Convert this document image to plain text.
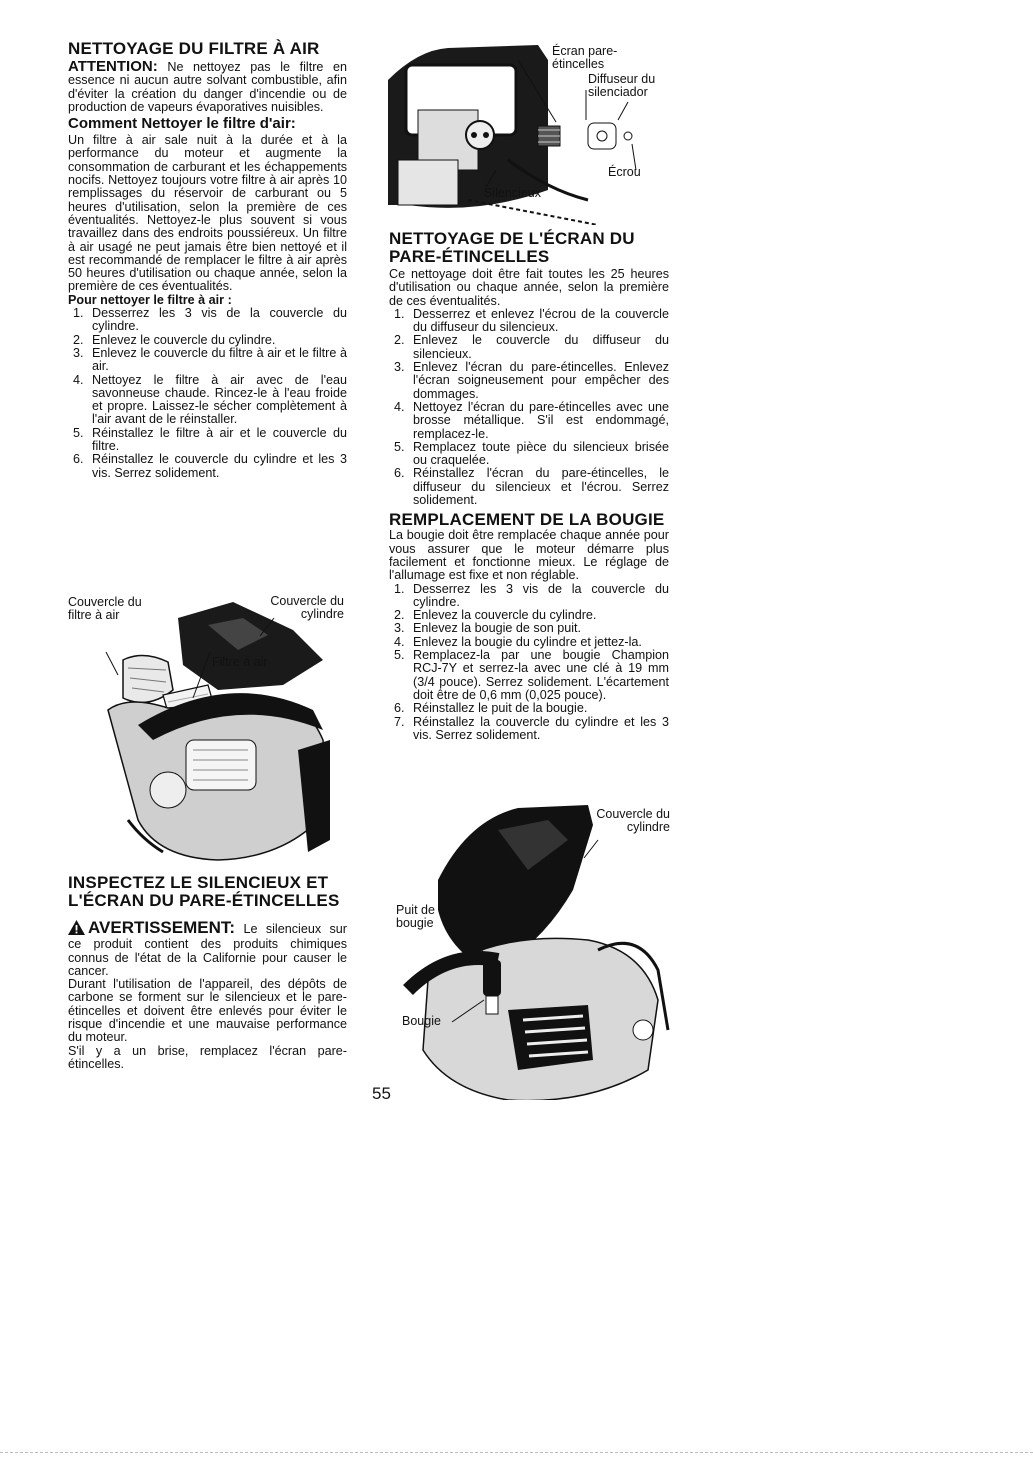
NETTOYAGE DU FILTRE À AIR

ATTENTION: Ne nettoyez pas le filtre en essence ni aucun autre solvant combustible, afin d'éviter la création du danger d'incendie ou de production de vapeurs évaporatives nuisibles.

Comment Nettoyer le filtre d'air:

Un filtre à air sale nuit à la durée et à la performance du moteur et augmente la consommation de carburant et les échappements nocifs. Nettoyez toujours votre filtre à air après 10 remplissages du réservoir de carburant ou 5 heures d'utilisation, selon la première de ces éventualités. Nettoyez-le plus souvent si vous travaillez dans des endroits poussiéreux. Un filtre à air usagé ne peut jamais être bien nettoyé et il est recommandé de remplacer le filtre à air après 50 heures d'utilisation ou chaque année, selon la première de ces éventualités.

Pour nettoyer le filtre à air :

1. Desserrez les 3 vis de la couvercle du cylindre.
2. Enlevez le couvercle du cylindre.
3. Enlevez le couvercle du filtre à air et le filtre à air.
4. Nettoyez le filtre à air avec de l'eau savonneuse chaude. Rincez-le à l'eau froide et propre. Laissez-le sécher complètement à l'air avant de le réinstaller.
5. Réinstallez le filtre à air et le couvercle du filtre.
6. Réinstallez le couvercle du cylindre et les 3 vis. Serrez solidement.
Couvercle du filtre à air
Couvercle du cylindre
Filtre à air
INSPECTEZ LE SILENCIEUX ET L'ÉCRAN DU PARE-ÉTINCELLES

AVERTISSEMENT: Le silencieux sur ce produit contient des produits chimiques connus de l'état de la Californie pour causer le cancer.

Durant l'utilisation de l'appareil, des dépôts de carbone se forment sur le silencieux et le pare-étincelles et doivent être enlevés pour éviter le risque d'incendie et une mauvaise performance du moteur.

S'il y a un brise, remplacez l'écran pare-étincelles.

Écran pare-étincelles
Diffuseur du silenciador
Écrou
Silencieux
NETTOYAGE DE L'ÉCRAN DU PARE-ÉTINCELLES

Ce nettoyage doit être fait toutes les 25 heures d'utilisation ou chaque année, selon la première de ces éventualités.

1. Desserrez et enlevez l'écrou de la couvercle du diffuseur du silencieux.
2. Enlevez le couvercle du diffuseur du silencieux.
3. Enlevez l'écran du pare-étincelles. Enlevez l'écran soigneusement pour empêcher des dommages.
4. Nettoyez l'écran du pare-étincelles avec une brosse métallique. S'il est endommagé, remplacez-le.
5. Remplacez toute pièce du silencieux brisée ou craquelée.
6. Réinstallez l'écran du pare-étincelles, le diffuseur du silencieux et l'écrou. Serrez solidement.
REMPLACEMENT DE LA BOUGIE

La bougie doit être remplacée chaque année pour vous assurer que le moteur démarre plus facilement et fonctionne mieux. Le réglage de l'allumage est fixe et non réglable.

1. Desserrez les 3 vis de la couvercle du cylindre.
2. Enlevez la couvercle du cylindre.
3. Enlevez la bougie de son puit.
4. Enlevez la bougie du cylindre et jettez-la.
5. Remplacez-la par une bougie Champion RCJ-7Y et serrez-la avec une clé à 19 mm (3/4 pouce). Serrez solidement. L'écartement doit être de 0,6 mm (0,025 pouce).
6. Réinstallez le puit de la bougie.
7. Réinstallez la couvercle du cylindre et les 3 vis. Serrez solidement.
Couvercle du cylindre
Puit de la bougie
Bougie
55
